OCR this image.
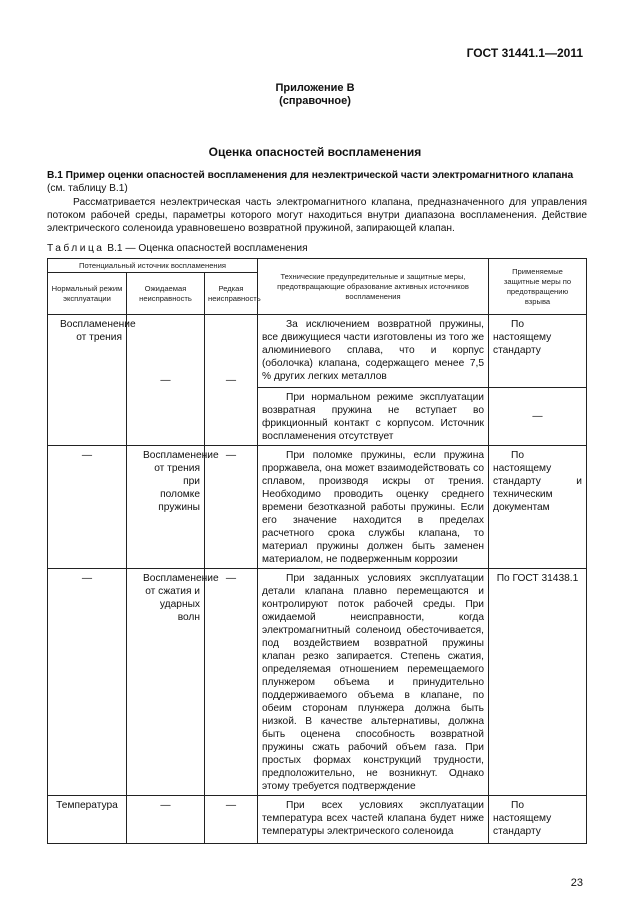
ГОСТ 31441.1—2011
Приложение В
(справочное)
Оценка опасностей воспламенения
В.1 Пример оценки опасностей воспламенения для неэлектрической части электромагнитного клапана
(см. таблицу В.1)
Рассматривается неэлектрическая часть электромагнитного клапана, предназначенного для управления потоком рабочей среды, параметры которого могут находиться внутри диапазона воспламенения. Действие электрического соленоида уравновешено возвратной пружиной, запирающей клапан.
Таблица В.1 — Оценка опасностей воспламенения
Потенциальный источник воспламенения			Технические предупредительные и защитные меры, предотвращающие образование активных источников воспламенения	Применяемые защитные меры по предотвращению взрыва
Нормальный режим эксплуатации	Ожидаемая неисправность	Редкая неисправность		

Воспламенение от трения	—	—	За исключением возвратной пружины, все движущиеся части изготовлены из того же алюминиевого сплава, что и корпус (оболочка) клапана, содержащего менее 7,5 % других легких металлов	По настоящему стандарту

			При нормальном режиме эксплуатации возвратная пружина не вступает во фрикционный контакт с корпусом. Источник воспламенения отсутствует	—

—	Воспламенение от трения при поломке пружины	—	При поломке пружины, если пружина проржавела, она может взаимодействовать со сплавом, производя искры от трения. Необходимо проводить оценку среднего времени безотказной работы пружины. Если его значение находится в пределах расчетного срока службы клапана, то материал пружины должен быть заменен материалом, не подверженным коррозии	По настоящему стандарту и техническим документам

—	Воспламенение от сжатия и ударных волн	—	При заданных условиях эксплуатации детали клапана плавно перемещаются и контролируют поток рабочей среды. При ожидаемой неисправности, когда электромагнитный соленоид обесточивается, под воздействием возвратной пружины клапан резко запирается. Степень сжатия, определяемая отношением перемещаемого плунжером объема и принудительно поддерживаемого объема в клапане, по обеим сторонам плунжера должна быть низкой. В качестве альтернативы, должна быть оценена способность возвратной пружины сжать рабочий объем газа. При простых формах конструкций трудности, предположительно, не возникнут. Однако этому требуется подтверждение	По ГОСТ 31438.1

Температура	—	—	При всех условиях эксплуатации температура всех частей клапана будет ниже температуры электрического соленоида	По настоящему стандарту
23
